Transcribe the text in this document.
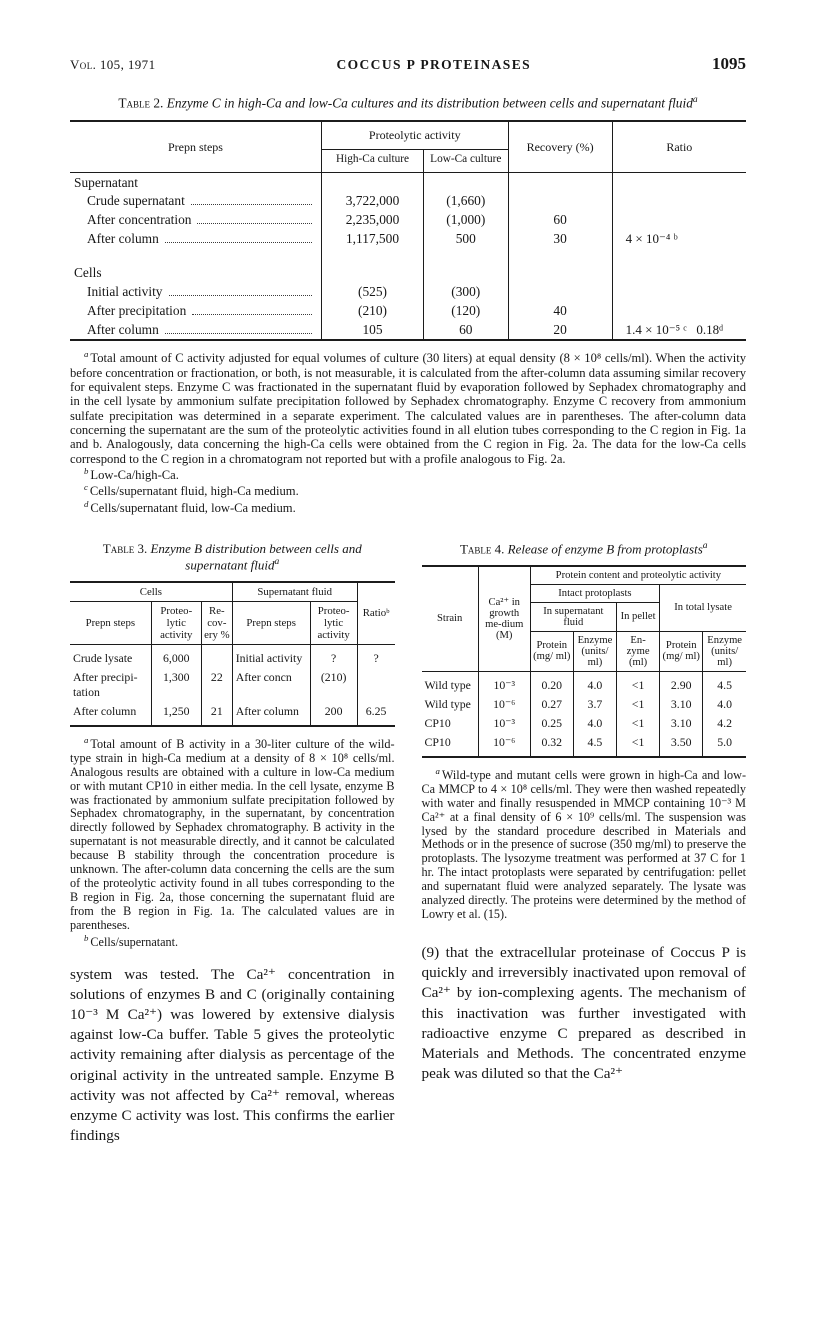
Vol. 105, 1971	COCCUS P PROTEINASES	1095
Table 2. Enzyme C in high-Ca and low-Ca cultures and its distribution between cells and supernatant fluid$^a$
Prepn steps	Proteolytic activity		Recovery (%)	Ratio
	High-Ca culture	Low-Ca culture		
Supernatant				

Crude supernatant	3,722,000	(1,660)		

After concentration	2,235,000	(1,000)	60	

After column	1,117,500	500	30	4 × 10⁻⁴ ᵇ

Cells				

Initial activity	(525)	(300)		

After precipitation	(210)	(120)	40	

After column	105	60	20	1.4 × 10⁻⁵ ᶜ   0.18ᵈ

$^a$ Total amount of C activity adjusted for equal volumes of culture (30 liters) at equal density (8 × 10⁸ cells/ml). When the activity before concentration or fractionation, or both, is not measurable, it is calculated from the after-column data assuming similar recovery for equivalent steps. Enzyme C was fractionated in the supernatant fluid by evaporation followed by Sephadex chromatography and in the cell lysate by ammonium sulfate precipitation followed by Sephadex chromatography. Enzyme C recovery from ammonium sulfate precipitation was determined in a separate experiment. The calculated values are in parentheses. The after-column data concerning the supernatant are the sum of the proteolytic activities found in all elution tubes corresponding to the C region in Fig. 1a and b. Analogously, data concerning the high-Ca cells were obtained from the C region in Fig. 2a. The data for the low-Ca cells correspond to the C region in a chromatogram not reported but with a profile analogous to Fig. 2a.

$^b$ Low-Ca/high-Ca.

$^c$ Cells/supernatant fluid, high-Ca medium.

$^d$ Cells/supernatant fluid, low-Ca medium.

Table 3. Enzyme B distribution between cells and supernatant fluid$^a$
Cells			Supernatant fluid		Ratioᵇ
Prepn steps	Proteo-lytic activity	Re-cov-ery %	Prepn steps	Proteo-lytic activity	
Crude lysate	6,000		Initial activity	?	?
After precipi-tation	1,300	22	After concn	(210)	
After column	1,250	21	After column	200	6.25

$^a$ Total amount of B activity in a 30-liter culture of the wild-type strain in high-Ca medium at a density of 8 × 10⁸ cells/ml. Analogous results are obtained with a culture in low-Ca medium or with mutant CP10 in either media. In the cell lysate, enzyme B was fractionated by ammonium sulfate precipitation followed by Sephadex chromatography, in the supernatant, by concentration directly followed by Sephadex chromatography. B activity in the supernatant is not measurable directly, and it cannot be calculated because B stability through the concentration procedure is unknown. The after-column data concerning the cells are the sum of the proteolytic activity found in all tubes corresponding to the B region in Fig. 2a, those concerning the supernatant fluid are from the B region in Fig. 1a. The calculated values are in parentheses.

$^b$ Cells/supernatant.

system was tested. The Ca²⁺ concentration in solutions of enzymes B and C (originally containing 10⁻³ M Ca²⁺) was lowered by extensive dialysis against low-Ca buffer. Table 5 gives the proteolytic activity remaining after dialysis as percentage of the original activity in the untreated sample. Enzyme B activity was not affected by Ca²⁺ removal, whereas enzyme C activity was lost. This confirms the earlier findings

Table 4. Release of enzyme B from protoplasts$^a$
Strain	Ca²⁺ in growth me-dium (M)	Protein content and proteolytic activity				
		Intact protoplasts			In total lysate	
		In supernatant fluid		In pellet		
		Protein (mg/ ml)	Enzyme (units/ ml)	En-zyme (ml)	Protein (mg/ ml)	Enzyme (units/ ml)
Wild type	10⁻³	0.20	4.0	<1	2.90	4.5
Wild type	10⁻⁶	0.27	3.7	<1	3.10	4.0
CP10	10⁻³	0.25	4.0	<1	3.10	4.2
CP10	10⁻⁶	0.32	4.5	<1	3.50	5.0

$^a$ Wild-type and mutant cells were grown in high-Ca and low-Ca MMCP to 4 × 10⁸ cells/ml. They were then washed repeatedly with water and finally resuspended in MMCP containing 10⁻³ M Ca²⁺ at a final density of 6 × 10⁹ cells/ml. The suspension was lysed by the standard procedure described in Materials and Methods or in the presence of sucrose (350 mg/ml) to preserve the protoplasts. The lysozyme treatment was performed at 37 C for 1 hr. The intact protoplasts were separated by centrifugation: pellet and supernatant fluid were analyzed separately. The lysate was analyzed directly. The proteins were determined by the method of Lowry et al. (15).

(9) that the extracellular proteinase of Coccus P is quickly and irreversibly inactivated upon removal of Ca²⁺ by ion-complexing agents. The mechanism of this inactivation was further investigated with radioactive enzyme C prepared as described in Materials and Methods. The concentrated enzyme peak was diluted so that the Ca²⁺
